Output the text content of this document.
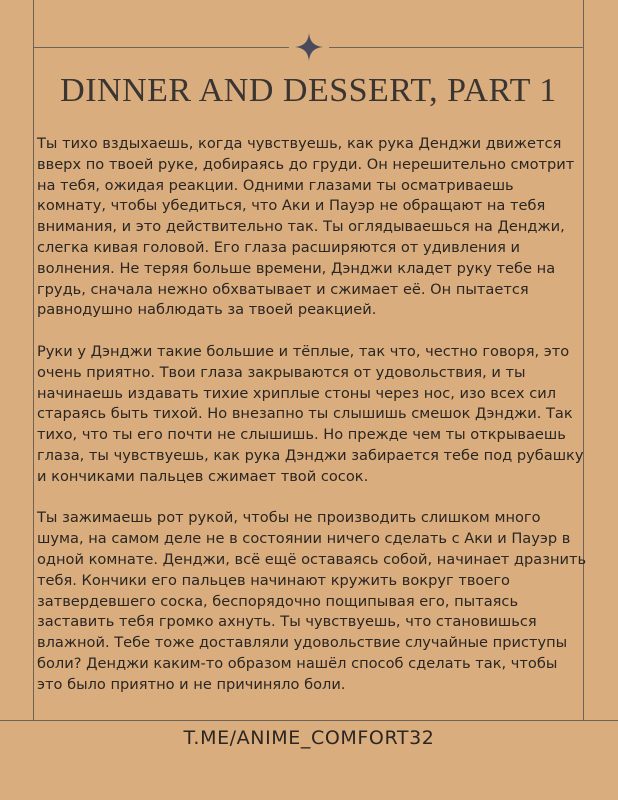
DINNER AND DESSERT, PART 1

Ты тихо вздыхаешь, когда чувствуешь, как рука Денджи движется вверх по твоей руке, добираясь до груди. Он нерешительно смотрит на тебя, ожидая реакции. Одними глазами ты осматриваешь комнату, чтобы убедиться, что Аки и Пауэр не обращают на тебя внимания, и это действительно так. Ты оглядываешься на Денджи, слегка кивая головой. Его глаза расширяются от удивления и волнения. Не теряя больше времени, Дэнджи кладет руку тебе на грудь, сначала нежно обхватывает и сжимает её. Он пытается равнодушно наблюдать за твоей реакцией.

Руки у Дэнджи такие большие и тёплые, так что, честно говоря, это очень приятно. Твои глаза закрываются от удовольствия, и ты начинаешь издавать тихие хриплые стоны через нос, изо всех сил стараясь быть тихой. Но внезапно ты слышишь смешок Дэнджи. Так тихо, что ты его почти не слышишь. Но прежде чем ты открываешь глаза, ты чувствуешь, как рука Дэнджи забирается тебе под рубашку и кончиками пальцев сжимает твой сосок.

Ты зажимаешь рот рукой, чтобы не производить слишком много шума, на самом деле не в состоянии ничего сделать с Аки и Пауэр в одной комнате. Денджи, всё ещё оставаясь собой, начинает дразнить тебя. Кончики его пальцев начинают кружить вокруг твоего затвердевшего соска, беспорядочно пощипывая его, пытаясь заставить тебя громко ахнуть. Ты чувствуешь, что становишься влажной. Тебе тоже доставляли удовольствие случайные приступы боли? Денджи каким-то образом нашёл способ сделать так, чтобы это было приятно и не причиняло боли.

T.ME/ANIME_COMFORT32
